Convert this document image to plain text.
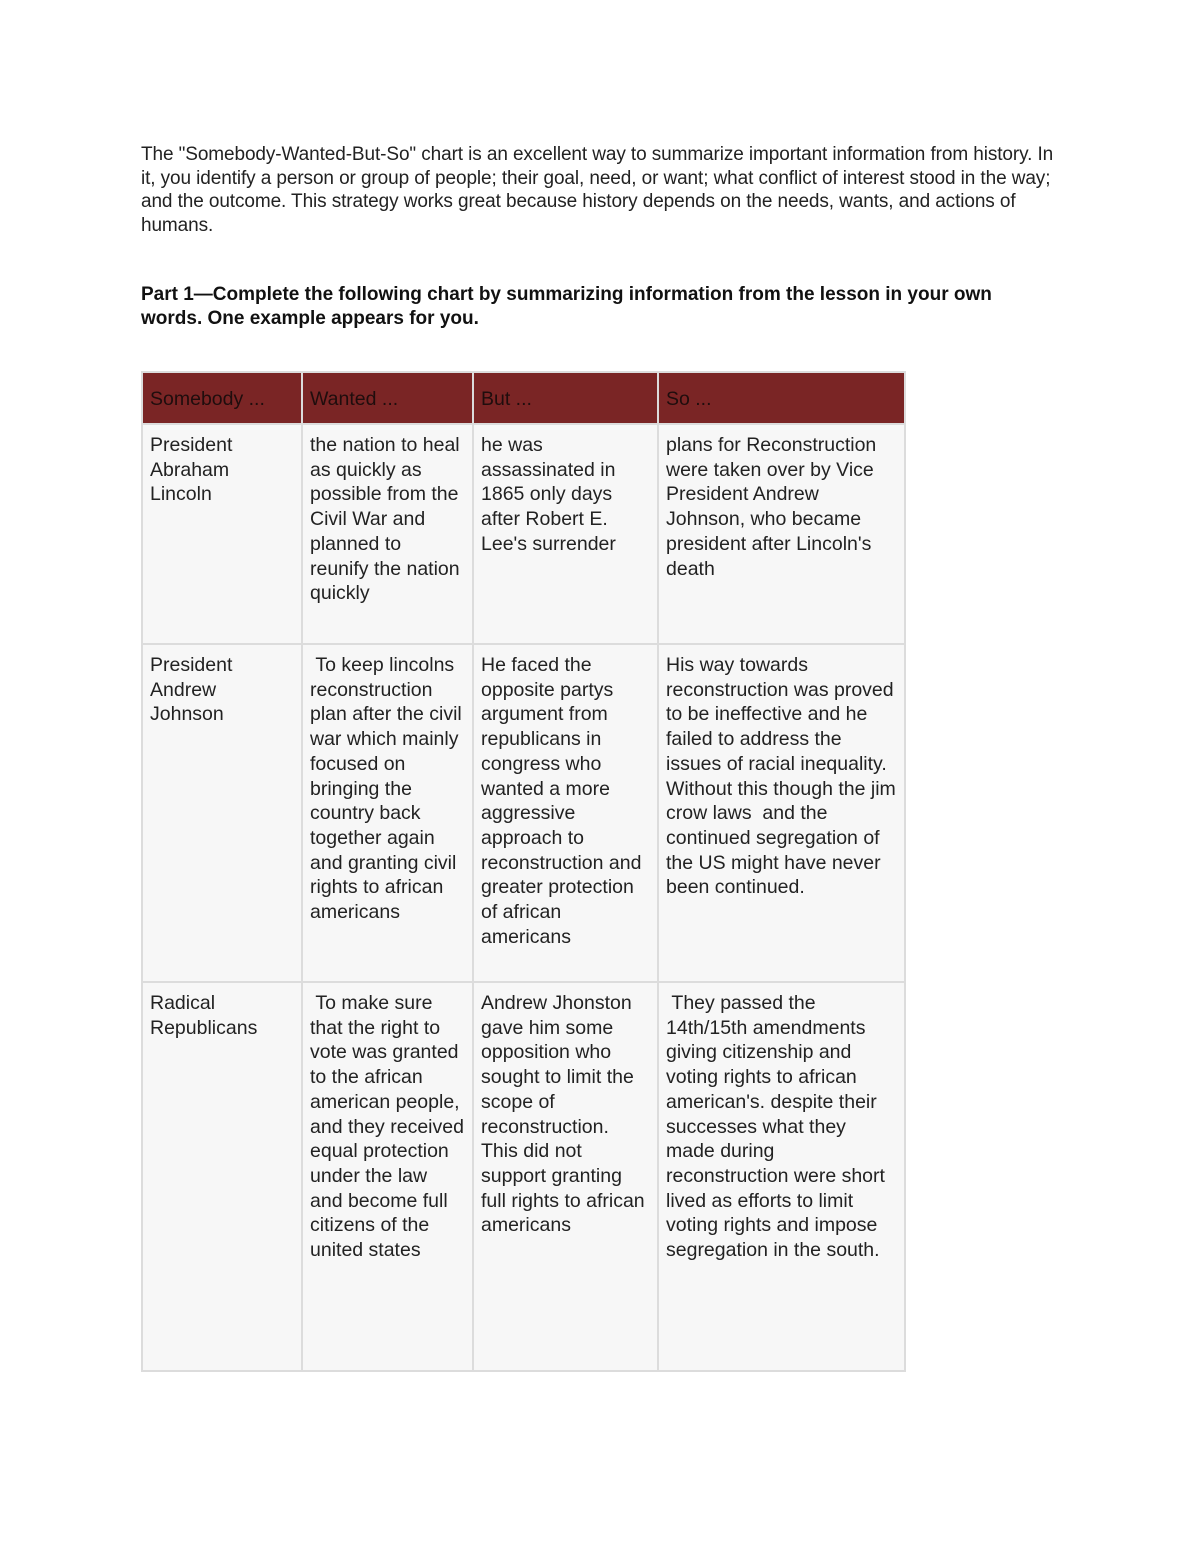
The "Somebody-Wanted-But-So" chart is an excellent way to summarize important information from history. In it, you identify a person or group of people; their goal, need, or want; what conflict of interest stood in the way; and the outcome. This strategy works great because history depends on the needs, wants, and actions of humans.

Part 1—Complete the following chart by summarizing information from the lesson in your own words. One example appears for you.

Somebody ...	Wanted ...	But ...	So ...
President Abraham Lincoln	the nation to heal as quickly as possible from the Civil War and planned to reunify the nation quickly	he was assassinated in 1865 only days after Robert E. Lee's surrender	plans for Reconstruction were taken over by Vice President Andrew Johnson, who became president after Lincoln's death
President Andrew Johnson	To keep lincolns reconstruction plan after the civil war which mainly focused on bringing the country back together again and granting civil rights to african americans	He faced the opposite partys argument from republicans in congress who wanted a more aggressive approach to reconstruction and greater protection of african americans	His way towards reconstruction was proved to be ineffective and he failed to address the issues of racial inequality. Without this though the jim crow laws  and the continued segregation of the US might have never been continued.
Radical Republicans	To make sure that the right to vote was granted to the african american people, and they received equal protection under the law and become full citizens of the united states	Andrew Jhonston gave him some opposition who sought to limit the scope of reconstruction. This did not support granting full rights to african americans	They passed the 14th/15th amendments giving citizenship and voting rights to african american's. despite their successes what they made during reconstruction were short lived as efforts to limit voting rights and impose segregation in the south.
